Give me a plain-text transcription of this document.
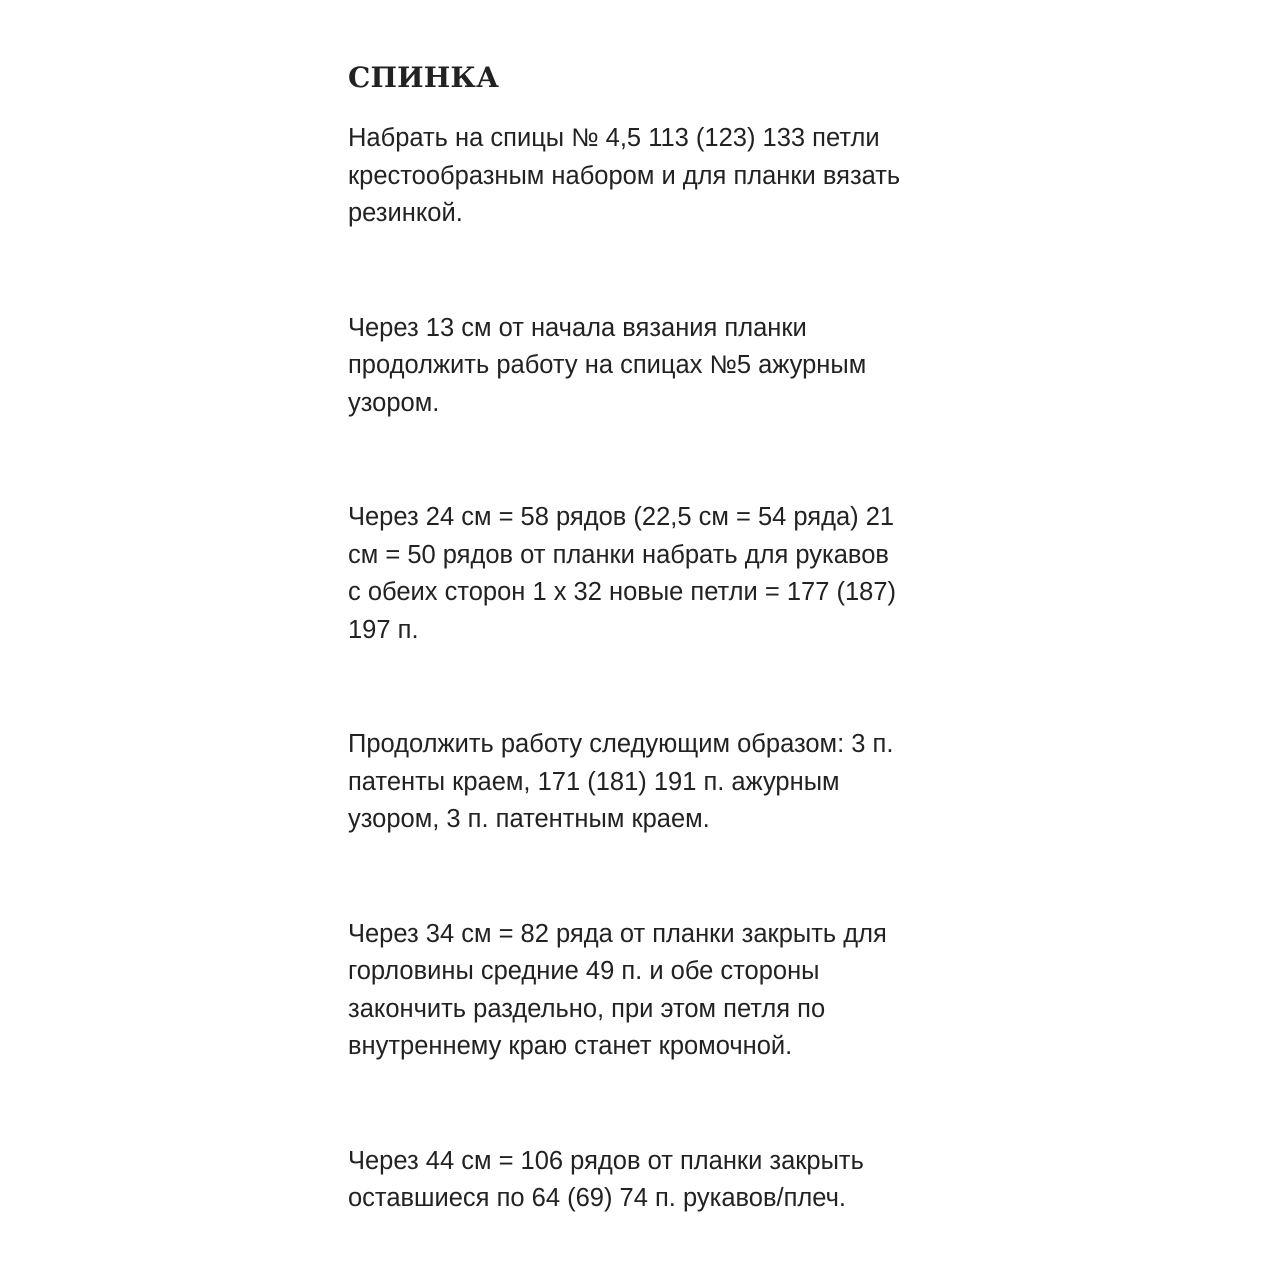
СПИНКА

Набрать на спицы № 4,5 113 (123) 133 петли
крестообразным набором и для планки вязать
резинкой.

Через 13 см от начала вязания планки
продолжить работу на спицах №5 ажурным
узором.

Через 24 см = 58 рядов (22,5 см = 54 ряда) 21
см = 50 рядов от планки набрать для рукавов
с обеих сторон 1 х 32 новые петли = 177 (187)
197 п.

Продолжить работу следующим образом: 3 п.
патенты краем, 171 (181) 191 п. ажурным
узором, 3 п. патентным краем.

Через 34 см = 82 ряда от планки закрыть для
горловины средние 49 п. и обе стороны
закончить раздельно, при этом петля по
внутреннему краю станет кромочной.

Через 44 см = 106 рядов от планки закрыть
оставшиеся по 64 (69) 74 п. рукавов/плеч.
